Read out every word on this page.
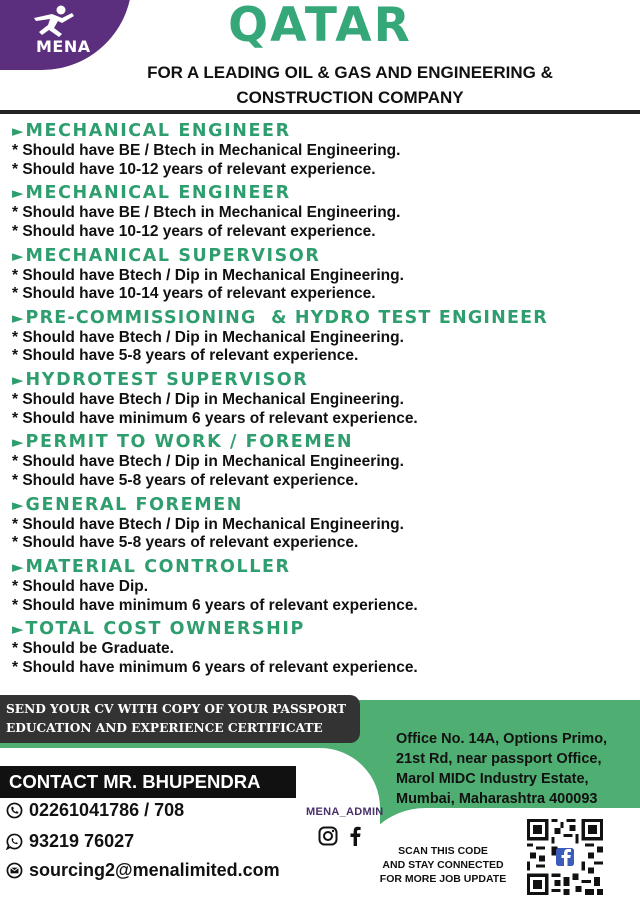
MENA	QATAR
FOR A LEADING OIL & GAS AND ENGINEERING &
CONSTRUCTION COMPANY
► MECHANICAL ENGINEER
* Should have BE / Btech in Mechanical Engineering.
* Should have 10-12 years of relevant experience.
► MECHANICAL ENGINEER
* Should have BE / Btech in Mechanical Engineering.
* Should have 10-12 years of relevant experience.
► MECHANICAL SUPERVISOR
* Should have Btech / Dip in Mechanical Engineering.
* Should have 10-14 years of relevant experience.
► PRE-COMMISSIONING  & HYDRO TEST ENGINEER
* Should have Btech / Dip in Mechanical Engineering.
* Should have 5-8 years of relevant experience.
► HYDROTEST SUPERVISOR
* Should have Btech / Dip in Mechanical Engineering.
* Should have minimum 6 years of relevant experience.
► PERMIT TO WORK / FOREMEN
* Should have Btech / Dip in Mechanical Engineering.
* Should have 5-8 years of relevant experience.
► GENERAL FOREMEN
* Should have Btech / Dip in Mechanical Engineering.
* Should have 5-8 years of relevant experience.
► MATERIAL CONTROLLER
* Should have Dip.
* Should have minimum 6 years of relevant experience.
► TOTAL COST OWNERSHIP
* Should be Graduate.
* Should have minimum 6 years of relevant experience.
SEND YOUR CV WITH COPY OF YOUR PASSPORT
EDUCATION AND EXPERIENCE CERTIFICATE
Office No. 14A, Options Primo,
21st Rd, near passport Office,
Marol MIDC Industry Estate,
Mumbai, Maharashtra 400093
CONTACT MR. BHUPENDRA
02261041786 / 708
93219 76027
sourcing2@menalimited.com
MENA_ADMIN
SCAN THIS CODE
AND STAY CONNECTED
FOR MORE JOB UPDATE
